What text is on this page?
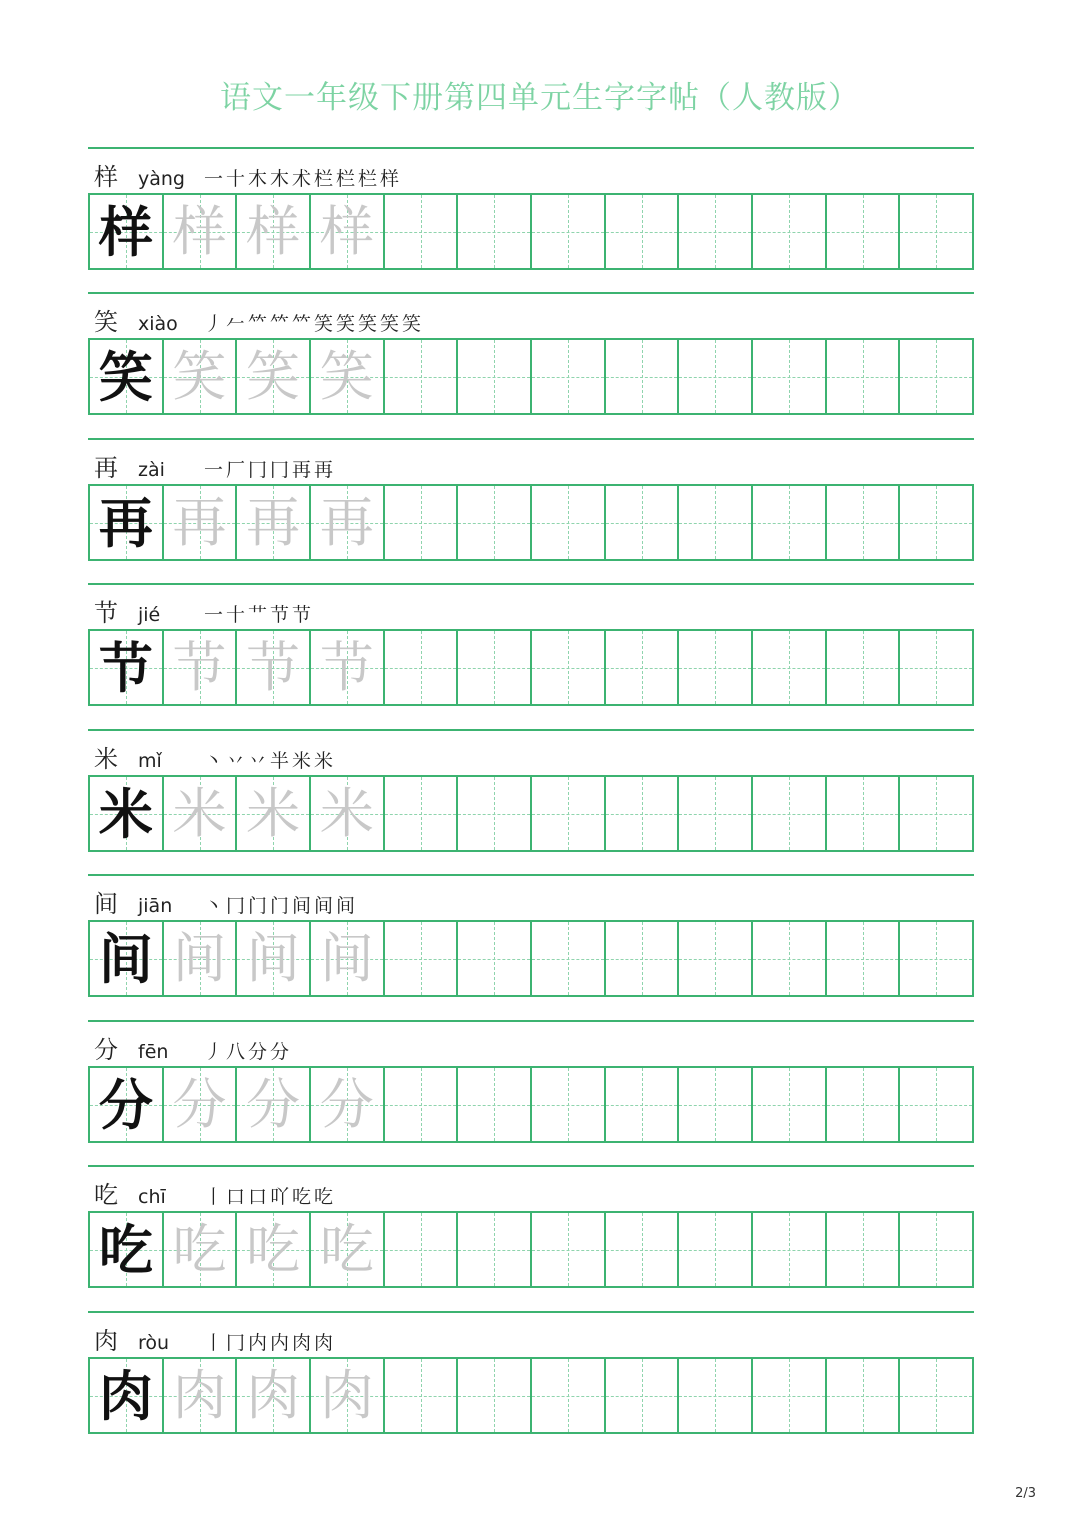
语文一年级下册第四单元生字字帖（人教版）
样	yàng	一十木木术栏栏栏样
样 样 样 样
笑	xiào	丿𠂉𥫗𥫗𥫗笑笑笑笑笑
笑 笑 笑 笑
再	zài	一厂冂冂再再
再 再 再 再
节	jié	一十艹节节
节 节 节 节
米	mǐ	丶丷丷半米米
米 米 米 米
间	jiān	丶冂门门间间间
间 间 间 间
分	fēn	丿八分分
分 分 分 分
吃	chī	丨口口吖吃吃
吃 吃 吃 吃
肉	ròu	丨冂内内肉肉
肉 肉 肉 肉
2/3
